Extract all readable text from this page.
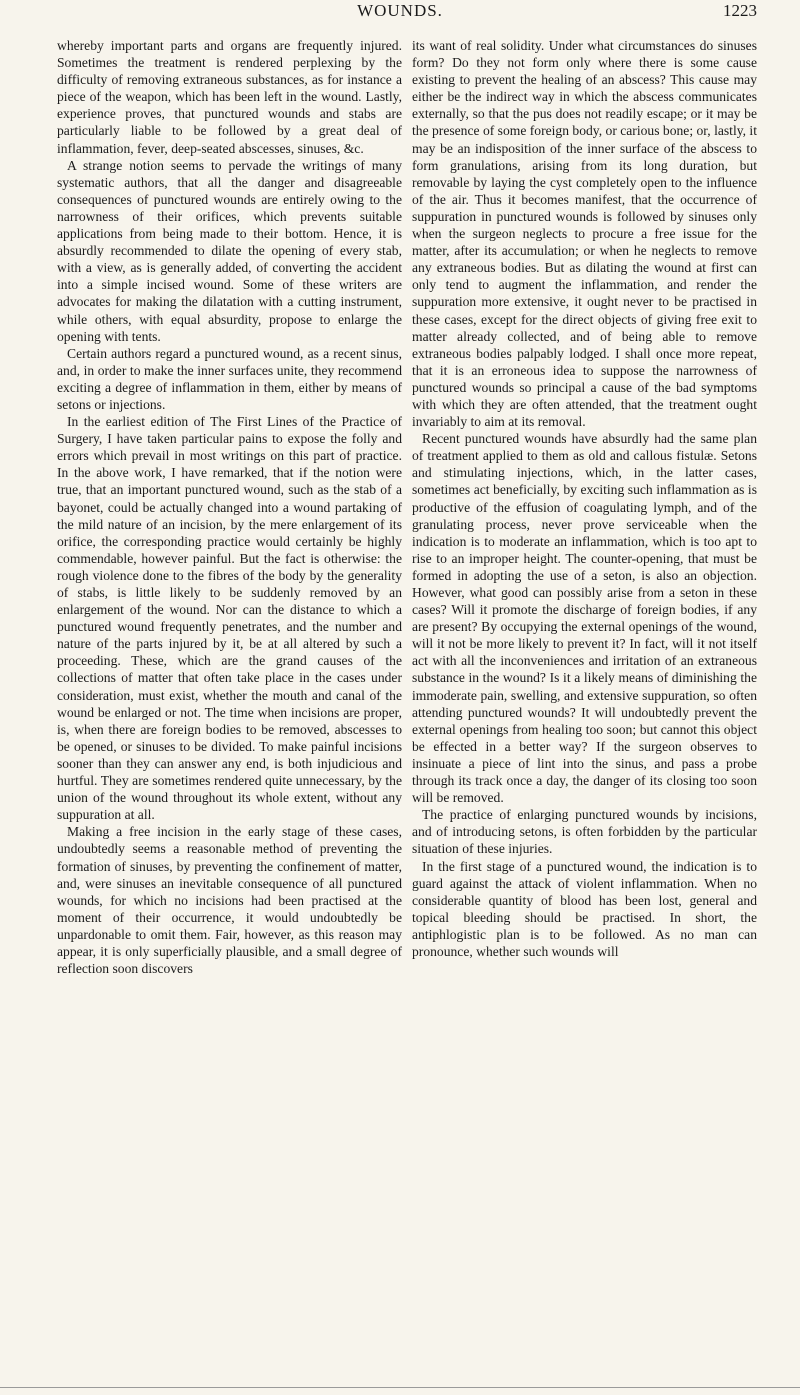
WOUNDS.	1223

whereby important parts and organs are frequently injured. Sometimes the treatment is rendered perplexing by the difficulty of removing extraneous substances, as for instance a piece of the weapon, which has been left in the wound. Lastly, experience proves, that punctured wounds and stabs are particularly liable to be followed by a great deal of inflammation, fever, deep-seated abscesses, sinuses, &c.

A strange notion seems to pervade the writings of many systematic authors, that all the danger and disagreeable consequences of punctured wounds are entirely owing to the narrowness of their orifices, which prevents suitable applications from being made to their bottom. Hence, it is absurdly recommended to dilate the opening of every stab, with a view, as is generally added, of converting the accident into a simple incised wound. Some of these writers are advocates for making the dilatation with a cutting instrument, while others, with equal absurdity, propose to enlarge the opening with tents.

Certain authors regard a punctured wound, as a recent sinus, and, in order to make the inner surfaces unite, they recommend exciting a degree of inflammation in them, either by means of setons or injections.

In the earliest edition of The First Lines of the Practice of Surgery, I have taken particular pains to expose the folly and errors which prevail in most writings on this part of practice. In the above work, I have remarked, that if the notion were true, that an important punctured wound, such as the stab of a bayonet, could be actually changed into a wound partaking of the mild nature of an incision, by the mere enlargement of its orifice, the corresponding practice would certainly be highly commendable, however painful. But the fact is otherwise: the rough violence done to the fibres of the body by the generality of stabs, is little likely to be suddenly removed by an enlargement of the wound. Nor can the distance to which a punctured wound frequently penetrates, and the number and nature of the parts injured by it, be at all altered by such a proceeding. These, which are the grand causes of the collections of matter that often take place in the cases under consideration, must exist, whether the mouth and canal of the wound be enlarged or not. The time when incisions are proper, is, when there are foreign bodies to be removed, abscesses to be opened, or sinuses to be divided. To make painful incisions sooner than they can answer any end, is both injudicious and hurtful. They are sometimes rendered quite unnecessary, by the union of the wound throughout its whole extent, without any suppuration at all.

Making a free incision in the early stage of these cases, undoubtedly seems a reasonable method of preventing the formation of sinuses, by preventing the confinement of matter, and, were sinuses an inevitable consequence of all punctured wounds, for which no incisions had been practised at the moment of their occurrence, it would undoubtedly be unpardonable to omit them. Fair, however, as this reason may appear, it is only superficially plausible, and a small degree of reflection soon discovers

its want of real solidity. Under what circumstances do sinuses form? Do they not form only where there is some cause existing to prevent the healing of an abscess? This cause may either be the indirect way in which the abscess communicates externally, so that the pus does not readily escape; or it may be the presence of some foreign body, or carious bone; or, lastly, it may be an indisposition of the inner surface of the abscess to form granulations, arising from its long duration, but removable by laying the cyst completely open to the influence of the air. Thus it becomes manifest, that the occurrence of suppuration in punctured wounds is followed by sinuses only when the surgeon neglects to procure a free issue for the matter, after its accumulation; or when he neglects to remove any extraneous bodies. But as dilating the wound at first can only tend to augment the inflammation, and render the suppuration more extensive, it ought never to be practised in these cases, except for the direct objects of giving free exit to matter already collected, and of being able to remove extraneous bodies palpably lodged. I shall once more repeat, that it is an erroneous idea to suppose the narrowness of punctured wounds so principal a cause of the bad symptoms with which they are often attended, that the treatment ought invariably to aim at its removal.

Recent punctured wounds have absurdly had the same plan of treatment applied to them as old and callous fistulæ. Setons and stimulating injections, which, in the latter cases, sometimes act beneficially, by exciting such inflammation as is productive of the effusion of coagulating lymph, and of the granulating process, never prove serviceable when the indication is to moderate an inflammation, which is too apt to rise to an improper height. The counter-opening, that must be formed in adopting the use of a seton, is also an objection. However, what good can possibly arise from a seton in these cases? Will it promote the discharge of foreign bodies, if any are present? By occupying the external openings of the wound, will it not be more likely to prevent it? In fact, will it not itself act with all the inconveniences and irritation of an extraneous substance in the wound? Is it a likely means of diminishing the immoderate pain, swelling, and extensive suppuration, so often attending punctured wounds? It will undoubtedly prevent the external openings from healing too soon; but cannot this object be effected in a better way? If the surgeon observes to insinuate a piece of lint into the sinus, and pass a probe through its track once a day, the danger of its closing too soon will be removed.

The practice of enlarging punctured wounds by incisions, and of introducing setons, is often forbidden by the particular situation of these injuries.

In the first stage of a punctured wound, the indication is to guard against the attack of violent inflammation. When no considerable quantity of blood has been lost, general and topical bleeding should be practised. In short, the antiphlogistic plan is to be followed. As no man can pronounce, whether such wounds will
